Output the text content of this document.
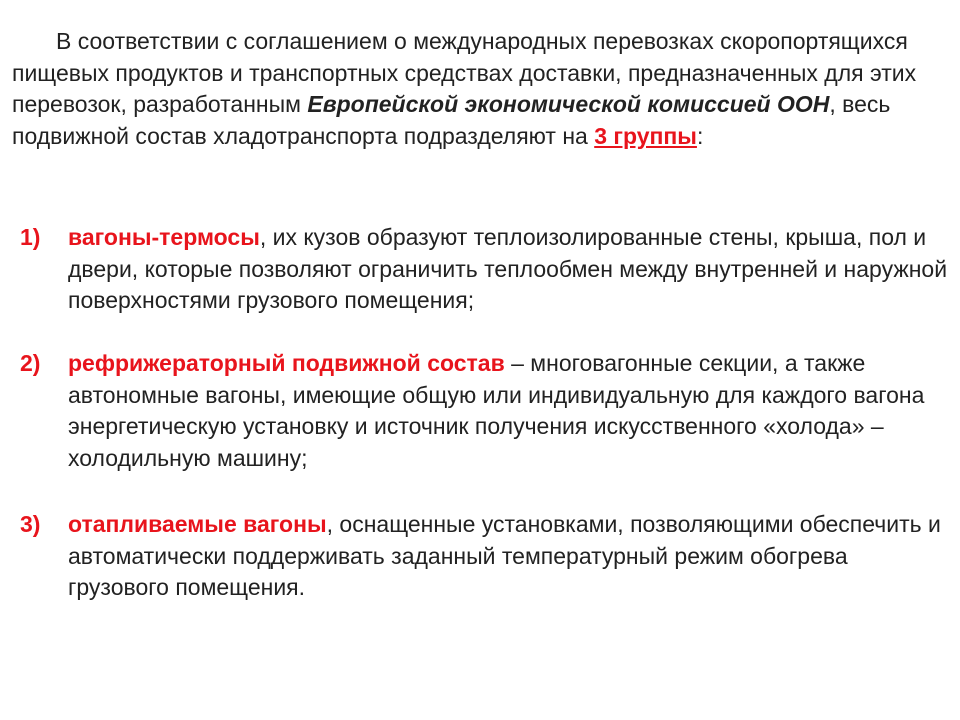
В соответствии с соглашением о международных перевозках скоропортящихся пищевых продуктов и транспортных средствах доставки, предназначенных для этих перевозок, разработанным Европейской экономической комиссией ООН, весь подвижной состав хладотранспорта подразделяют на 3 группы:

1) вагоны-термосы, их кузов образуют теплоизолированные стены, крыша, пол и двери, которые позволяют ограничить теплообмен между внутренней и наружной поверхностями грузового помещения;
2) рефрижераторный подвижной состав – многовагонные секции, а также автономные вагоны, имеющие общую или индивидуальную для каждого вагона энергетическую установку и источник получения искусственного «холода» – холодильную машину;
3) отапливаемые вагоны, оснащенные установками, позволяющими обеспечить и автоматически поддерживать заданный температурный режим обогрева грузового помещения.
